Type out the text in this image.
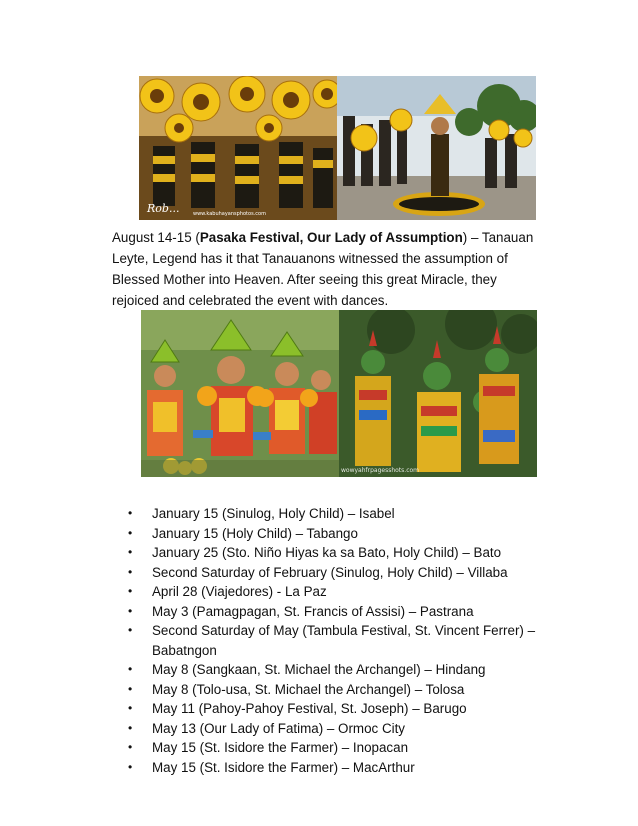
Rob...	www.kabuhayansphotos.com

August 14-15 (Pasaka Festival, Our Lady of Assumption) – Tanauan Leyte, Legend has it that Tanauanons witnessed the assumption of Blessed Mother into Heaven. After seeing this great Miracle, they rejoiced and celebrated the event with dances.

wowyahfrpagesshots.com
• January 15 (Sinulog, Holy Child) – Isabel
• January 15 (Holy Child) – Tabango
• January 25 (Sto. Niño Hiyas ka sa Bato, Holy Child) – Bato
• Second Saturday of February (Sinulog, Holy Child) – Villaba
• April 28 (Viajedores) - La Paz
• May 3 (Pamagpagan, St. Francis of Assisi) – Pastrana
• Second Saturday of May (Tambula Festival, St. Vincent Ferrer) – Babatngon
• May 8 (Sangkaan, St. Michael the Archangel) – Hindang
• May 8 (Tolo-usa, St. Michael the Archangel) – Tolosa
• May 11 (Pahoy-Pahoy Festival, St. Joseph) – Barugo
• May 13 (Our Lady of Fatima) – Ormoc City
• May 15 (St. Isidore the Farmer) – Inopacan
• May 15 (St. Isidore the Farmer) – MacArthur
